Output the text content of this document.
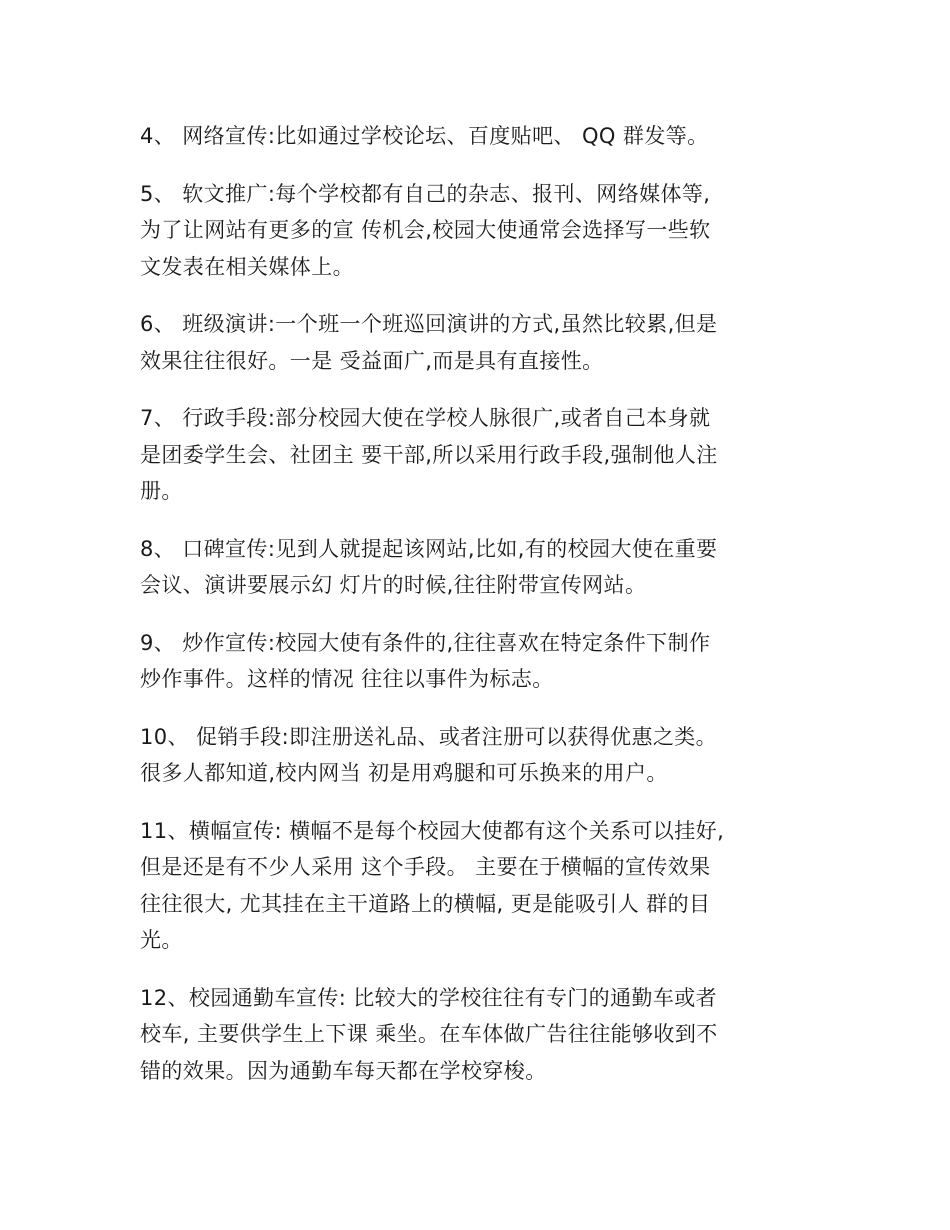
4、 网络宣传:比如通过学校论坛、百度贴吧、 QQ 群发等。

5、 软文推广:每个学校都有自己的杂志、报刊、网络媒体等,
为了让网站有更多的宣 传机会,校园大使通常会选择写一些软
文发表在相关媒体上。

6、 班级演讲:一个班一个班巡回演讲的方式,虽然比较累,但是
效果往往很好。一是 受益面广,而是具有直接性。

7、 行政手段:部分校园大使在学校人脉很广,或者自己本身就
是团委学生会、社团主 要干部,所以采用行政手段,强制他人注
册。

8、 口碑宣传:见到人就提起该网站,比如,有的校园大使在重要
会议、演讲要展示幻 灯片的时候,往往附带宣传网站。

9、 炒作宣传:校园大使有条件的,往往喜欢在特定条件下制作
炒作事件。这样的情况 往往以事件为标志。

10、 促销手段:即注册送礼品、或者注册可以获得优惠之类。
很多人都知道,校内网当 初是用鸡腿和可乐换来的用户。

11、横幅宣传: 横幅不是每个校园大使都有这个关系可以挂好,
但是还是有不少人采用 这个手段。 主要在于横幅的宣传效果
往往很大, 尤其挂在主干道路上的横幅, 更是能吸引人 群的目
光。

12、校园通勤车宣传: 比较大的学校往往有专门的通勤车或者
校车, 主要供学生上下课 乘坐。在车体做广告往往能够收到不
错的效果。因为通勤车每天都在学校穿梭。
